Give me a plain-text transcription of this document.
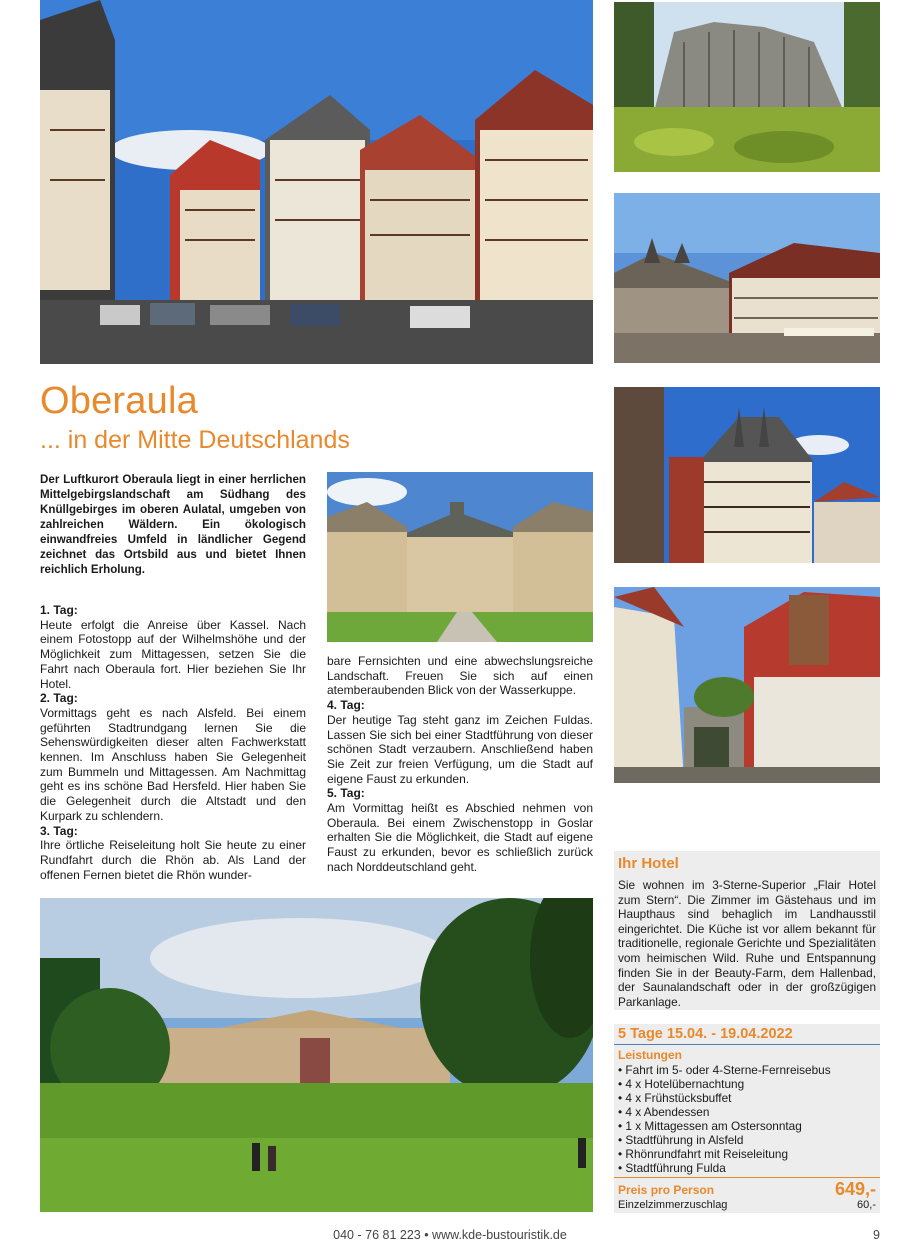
Oberaula
... in der Mitte Deutschlands
Der Luftkurort Oberaula liegt in einer herrlichen Mittelgebirgslandschaft am Südhang des Knüllgebirges im oberen Aulatal, umgeben von zahlreichen Wäldern. Ein ökologisch einwandfreies Umfeld in ländlicher Gegend zeichnet das Ortsbild aus und bietet Ihnen reichlich Erholung.

1. Tag:

Heute erfolgt die Anreise über Kassel. Nach einem Fotostopp auf der Wilhelmshöhe und der Möglichkeit zum Mittagessen, setzen Sie die Fahrt nach Oberaula fort. Hier beziehen Sie Ihr Hotel.

2. Tag:

Vormittags geht es nach Alsfeld. Bei einem geführten Stadtrundgang lernen Sie die Sehenswürdigkeiten dieser alten Fachwerkstatt kennen. Im Anschluss haben Sie Gelegenheit zum Bummeln und Mittagessen. Am Nachmittag geht es ins schöne Bad Hersfeld. Hier haben Sie die Gelegenheit durch die Altstadt und den Kurpark zu schlendern.

3. Tag:

Ihre örtliche Reiseleitung holt Sie heute zu einer Rundfahrt durch die Rhön ab. Als Land der offenen Fernen bietet die Rhön wunder-

bare Fernsichten und eine abwechslungsreiche Landschaft. Freuen Sie sich auf einen atemberaubenden Blick von der Wasserkuppe.

4. Tag:

Der heutige Tag steht ganz im Zeichen Fuldas. Lassen Sie sich bei einer Stadtführung von dieser schönen Stadt verzaubern. Anschließend haben Sie Zeit zur freien Verfügung, um die Stadt auf eigene Faust zu erkunden.

5. Tag:

Am Vormittag heißt es Abschied nehmen von Oberaula. Bei einem Zwischenstopp in Goslar erhalten Sie die Möglichkeit, die Stadt auf eigene Faust zu erkunden, bevor es schließlich zurück nach Norddeutschland geht.	Ihr Hotel
Sie wohnen im 3-Sterne-Superior „Flair Hotel zum Stern“. Die Zimmer im Gästehaus und im Haupthaus sind behaglich im Landhausstil eingerichtet. Die Küche ist vor allem bekannt für traditionelle, regionale Gerichte und Spezialitäten vom heimischen Wild. Ruhe und Entspannung finden Sie in der Beauty-Farm, dem Hallenbad, der Saunalandschaft oder in der großzügigen Parkanlage.
5 Tage 15.04. - 19.04.2022
Leistungen
• Fahrt im 5- oder 4-Sterne-Fernreisebus
• 4 x Hotelübernachtung
• 4 x Frühstücksbuffet
• 4 x Abendessen
• 1 x Mittagessen am Ostersonntag
• Stadtführung in Alsfeld
• Rhönrundfahrt mit Reiseleitung
• Stadtführung Fulda
Preis pro Person	649,-
Einzelzimmerzuschlag	60,-
040 - 76 81 223 • www.kde-bustouristik.de	9
